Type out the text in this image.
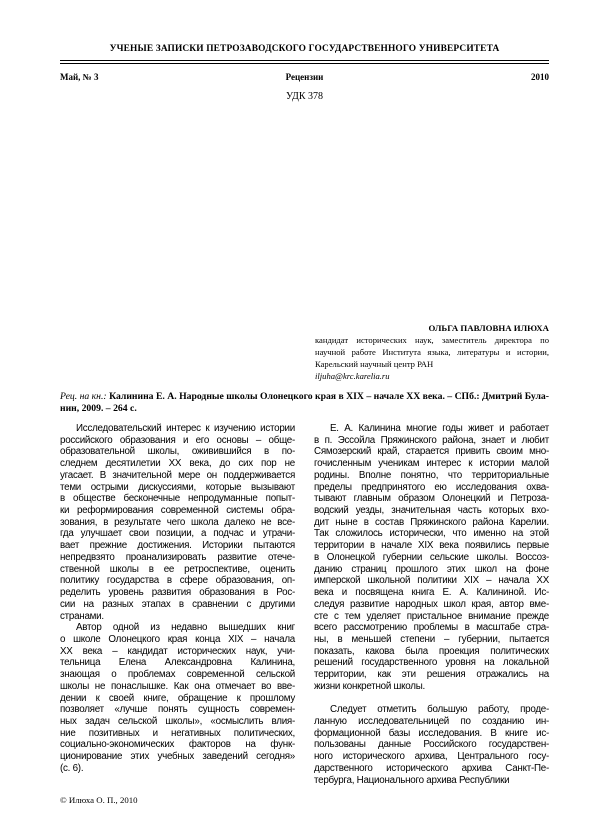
УЧЕНЫЕ ЗАПИСКИ ПЕТРОЗАВОДСКОГО ГОСУДАРСТВЕННОГО УНИВЕРСИТЕТА
Май, № 3	Рецензии	2010
УДК 378
ОЛЬГА ПАВЛОВНА ИЛЮХА
кандидат исторических наук, заместитель директора по
научной работе Института языка, литературы и истории,
Карельский научный центр РАН
iljuha@krc.karelia.ru
Рец. на кн.: Калинина Е. А. Народные школы Олонецкого края в XIX – начале XX века. – СПб.: Дмитрий Була-
нин, 2009. – 264 с.
Исследовательский интерес к изучению истории
российского образования и его основы – обще-
образовательной школы, оживившийся в по-
следнем десятилетии XX века, до сих пор не
угасает. В значительной мере он поддерживается
теми острыми дискуссиями, которые вызывают
в обществе бесконечные непродуманные попыт-
ки реформирования современной системы обра-
зования, в результате чего школа далеко не все-
гда улучшает свои позиции, а подчас и утрачи-
вает прежние достижения. Историки пытаются
непредвзято проанализировать развитие отече-
ственной школы в ее ретроспективе, оценить
политику государства в сфере образования, оп-
ределить уровень развития образования в Рос-
сии на разных этапах в сравнении с другими
странами.
Автор одной из недавно вышедших книг
о школе Олонецкого края конца XIX – начала
XX века – кандидат исторических наук, учи-
тельница Елена Александровна Калинина,
знающая о проблемах современной сельской
школы не понаслышке. Как она отмечает во вве-
дении к своей книге, обращение к прошлому
позволяет «лучше понять сущность современ-
ных задач сельской школы», «осмыслить влия-
ние позитивных и негативных политических,
социально-экономических факторов на функ-
ционирование этих учебных заведений сегодня»
(с. 6).
Е. А. Калинина многие годы живет и работает
в п. Эссойла Пряжинского района, знает и любит
Сямозерский край, старается привить своим мно-
гочисленным ученикам интерес к истории малой
родины. Вполне понятно, что территориальные
пределы предпринятого ею исследования охва-
тывают главным образом Олонецкий и Петроза-
водский уезды, значительная часть которых вхо-
дит ныне в состав Пряжинского района Карелии.
Так сложилось исторически, что именно на этой
территории в начале XIX века появились первые
в Олонецкой губернии сельские школы. Воссоз-
данию страниц прошлого этих школ на фоне
имперской школьной политики XIX – начала XX
века и посвящена книга Е. А. Калининой. Ис-
следуя развитие народных школ края, автор вме-
сте с тем уделяет пристальное внимание прежде
всего рассмотрению проблемы в масштабе стра-
ны, в меньшей степени – губернии, пытается
показать, какова была проекция политических
решений государственного уровня на локальной
территории, как эти решения отражались на
жизни конкретной школы.
Следует отметить большую работу, проде-
ланную исследовательницей по созданию ин-
формационной базы исследования. В книге ис-
пользованы данные Российского государствен-
ного исторического архива, Центрального госу-
дарственного исторического архива Санкт-Пе-
тербурга, Национального архива Республики
© Илюха О. П., 2010
